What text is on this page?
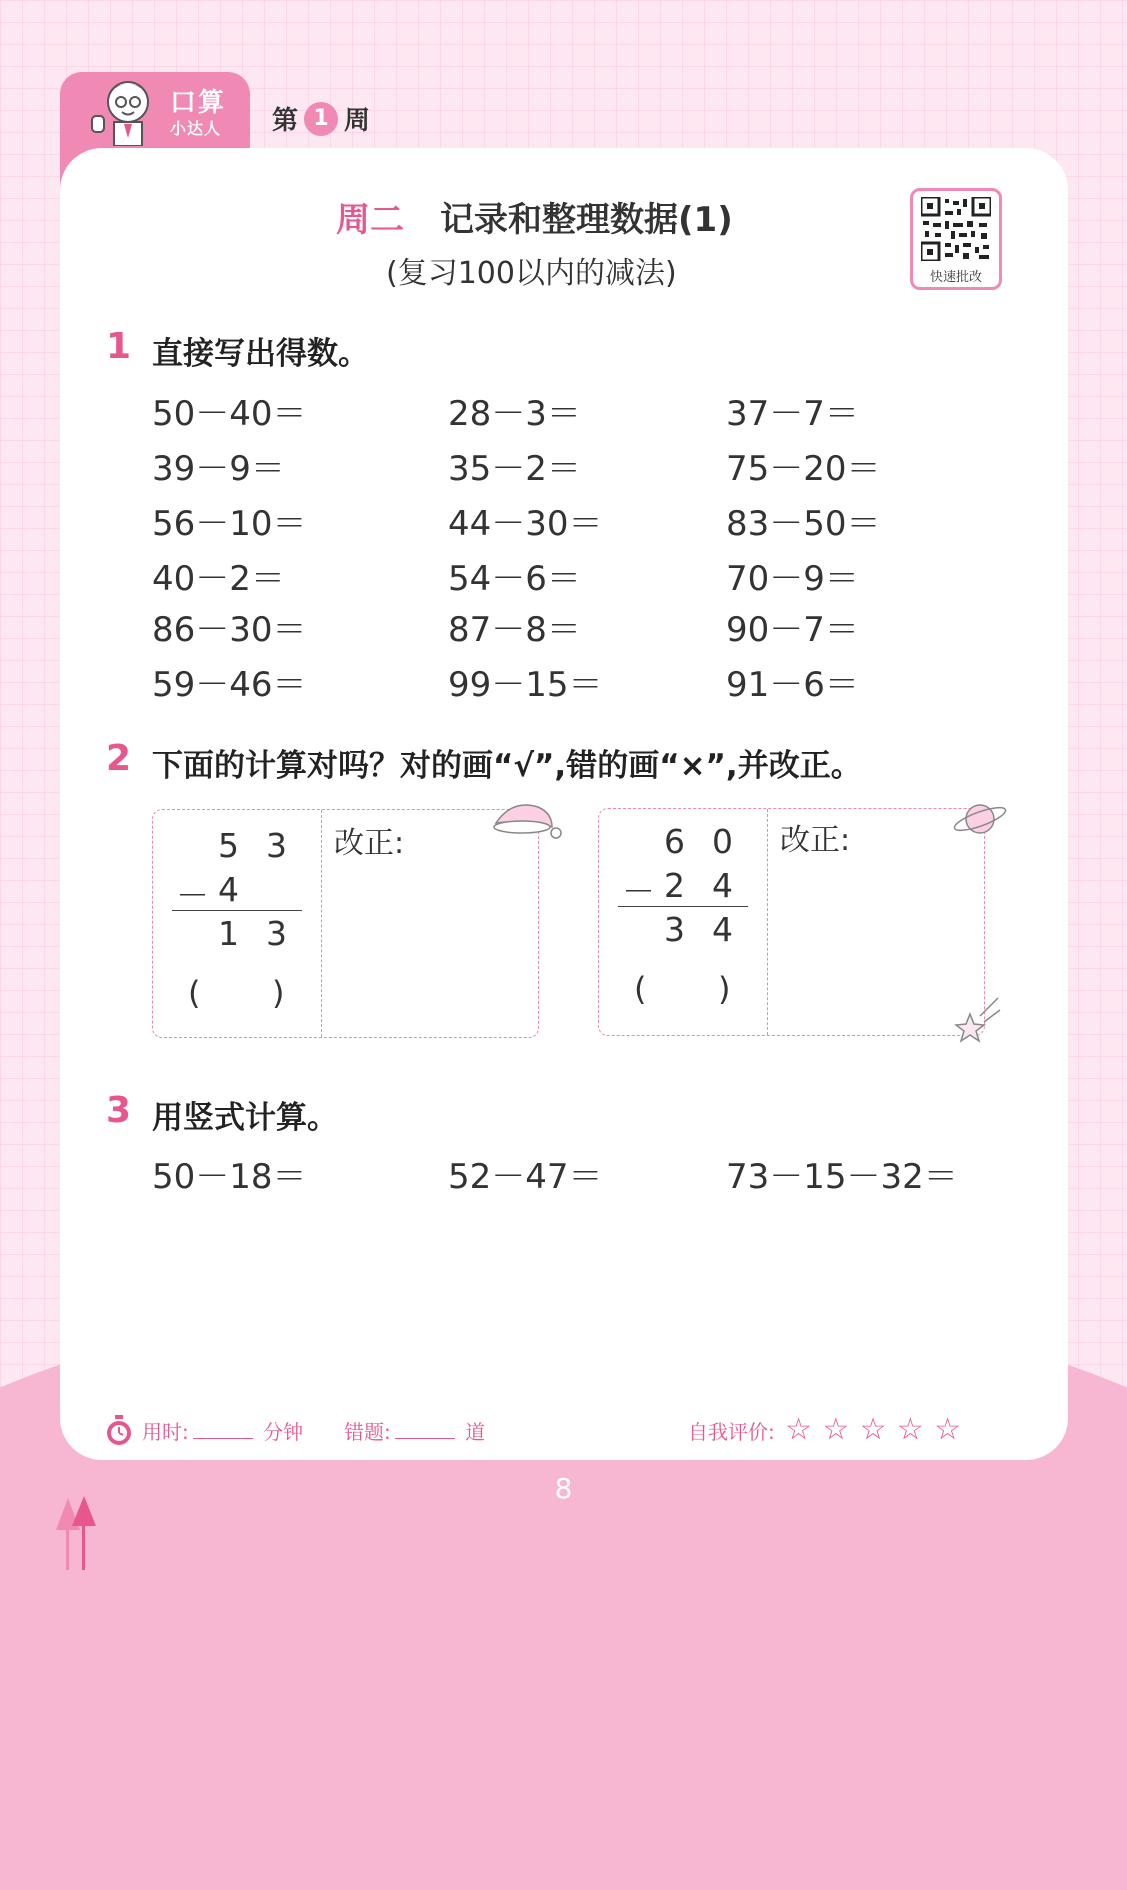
口算
小达人 第 1 周
周二 记录和整理数据(1)
(复习100以内的减法)	快速批改
1 直接写出得数。
50－40＝	28－3＝	37－7＝
39－9＝	35－2＝	75－20＝
56－10＝	44－30＝	83－50＝
40－2＝	54－6＝	70－9＝
86－30＝	87－8＝	90－7＝
59－46＝	99－15＝	91－6＝
2 下面的计算对吗？对的画“√”,错的画“×”,并改正。
5 3
－ 4
1 3
( )
改正:	6 0
－ 2 4
3 4
( )
改正:
3 用竖式计算。
50－18＝	52－47＝	73－15－32＝
用时:	分钟 错题:	道	自我评价: ☆ ☆ ☆ ☆ ☆
8
